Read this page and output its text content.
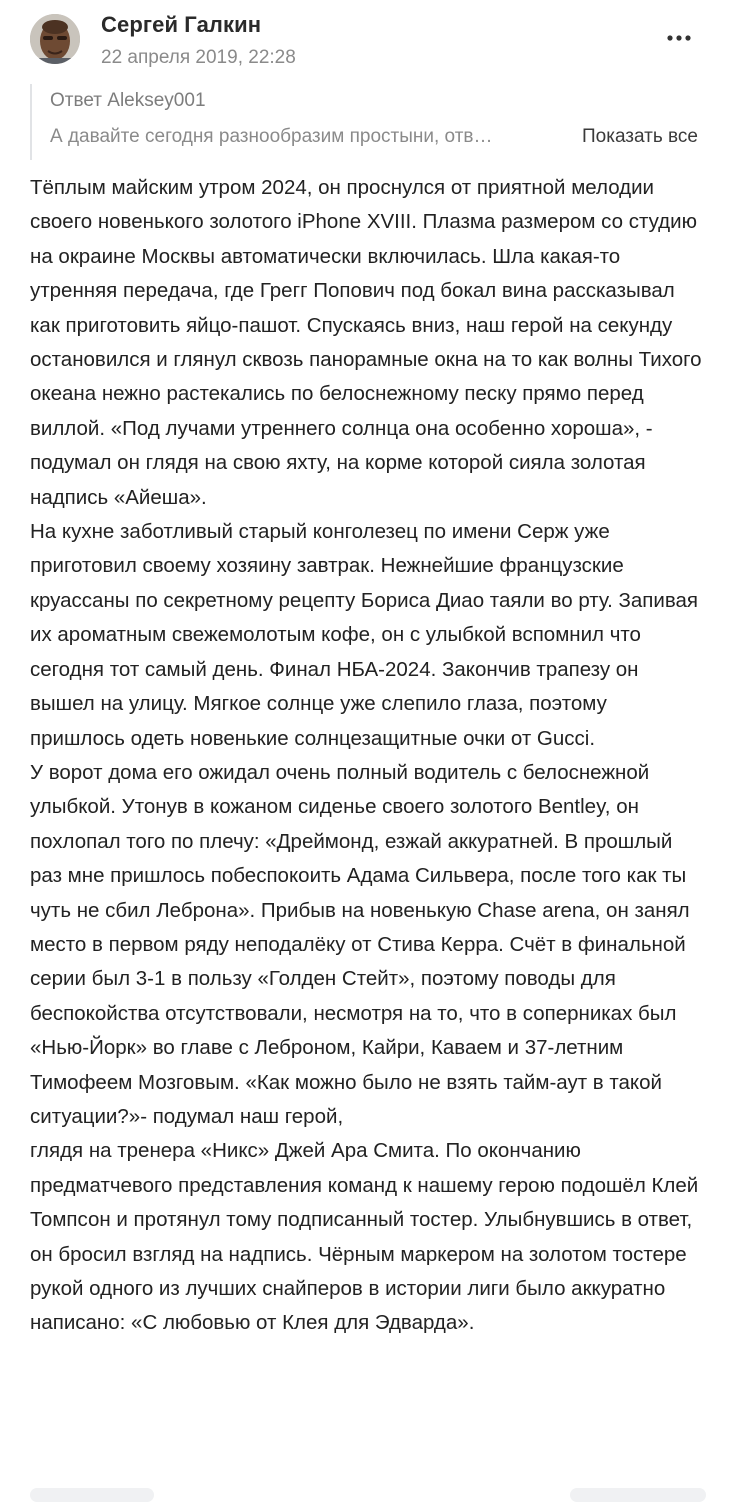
Сергей Галкин
22 апреля 2019, 22:28
Ответ Aleksey001
А давайте сегодня разнообразим простыни, отв…	Показать все

Тёплым майским утром 2024, он проснулся от приятной мелодии своего новенького золотого iPhone XVIII. Плазма размером со студию на окраине Москвы автоматически включилась. Шла какая-то утренняя передача, где Грегг Попович под бокал вина рассказывал как приготовить яйцо-пашот. Спускаясь вниз, наш герой на секунду остановился и глянул сквозь панорамные окна на то как волны Тихого океана нежно растекались по белоснежному песку прямо перед виллой. «Под лучами утреннего солнца она особенно хороша», - подумал он глядя на свою яхту, на корме которой сияла золотая надпись «Айеша».

На кухне заботливый старый конголезец по имени Серж уже приготовил своему хозяину завтрак. Нежнейшие французские круассаны по секретному рецепту Бориса Диао таяли во рту. Запивая их ароматным свежемолотым кофе, он с улыбкой вспомнил что сегодня тот самый день. Финал НБА-2024. Закончив трапезу он вышел на улицу. Мягкое солнце уже слепило глаза, поэтому пришлось одеть новенькие солнцезащитные очки от Gucci.

У ворот дома его ожидал очень полный водитель с белоснежной улыбкой. Утонув в кожаном сиденье своего золотого Bentley, он похлопал того по плечу: «Дреймонд, езжай аккуратней. В прошлый раз мне пришлось побеспокоить Адама Сильвера, после того как ты чуть не сбил Леброна». Прибыв на новенькую Chase arena, он занял место в первом ряду неподалёку от Стива Керра. Счёт в финальной серии был 3-1 в пользу «Голден Стейт», поэтому поводы для беспокойства отсутствовали, несмотря на то, что в соперниках был «Нью-Йорк» во главе с Леброном, Кайри, Каваем и 37-летним Тимофеем Мозговым. «Как можно было не взять тайм-аут в такой ситуации?»- подумал наш герой,

глядя на тренера «Никс» Джей Ара Смита. По окончанию предматчевого представления команд к нашему герою подошёл Клей Томпсон и протянул тому подписанный тостер. Улыбнувшись в ответ, он бросил взгляд на надпись. Чёрным маркером на золотом тостере рукой одного из лучших снайперов в истории лиги было аккуратно написано: «С любовью от Клея для Эдварда».
